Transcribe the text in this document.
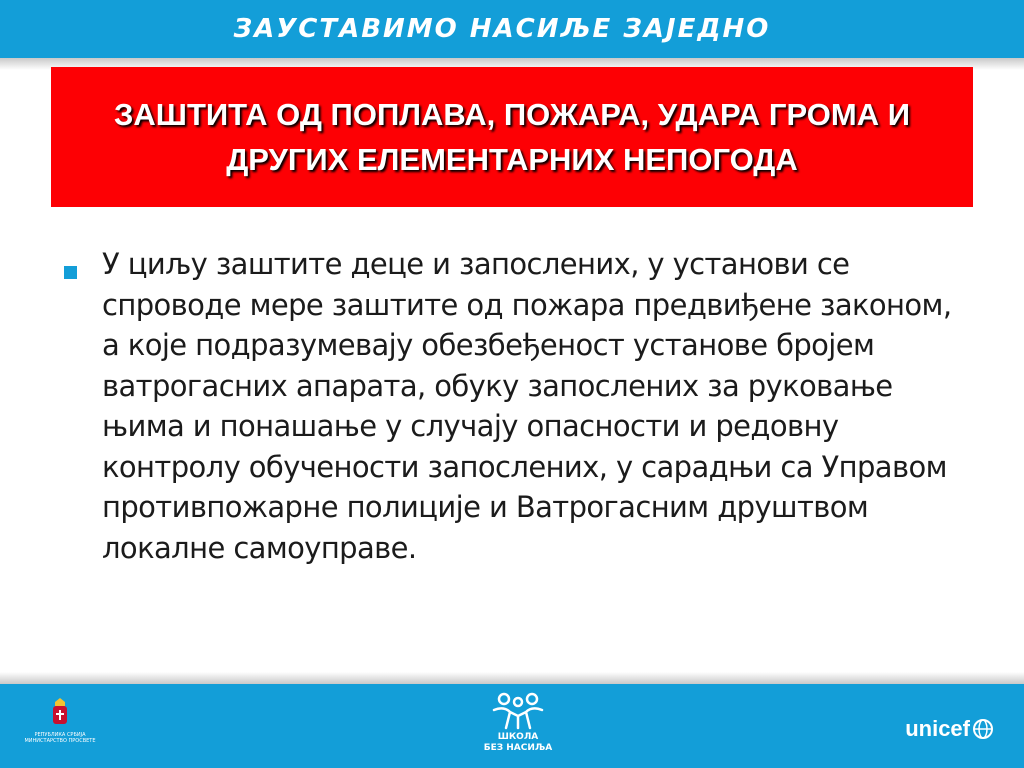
ЗАУСТАВИМО НАСИЉЕ ЗАЈЕДНО
ЗАШТИТА ОД ПОПЛАВА, ПОЖАРА, УДАРА ГРОМА И
ДРУГИХ ЕЛЕМЕНТАРНИХ НЕПОГОДА
У циљу заштите деце и запослених, у установи се спроводе мере заштите од пожара предвиђене законом, а које подразумевају обезбеђеност установе бројем ватрогасних апарата, обуку запослених за руковање њима и понашање у случају опасности и редовну контролу обучености запослених, у сарадњи са Управом противпожарне полиције и Ватрогасним друштвом локалне самоуправе.
РЕПУБЛИКА СРБИЈА МИНИСТАРСТВО ПРОСВЕТЕ	ШКОЛА
БЕЗ НАСИЉА
unicef
